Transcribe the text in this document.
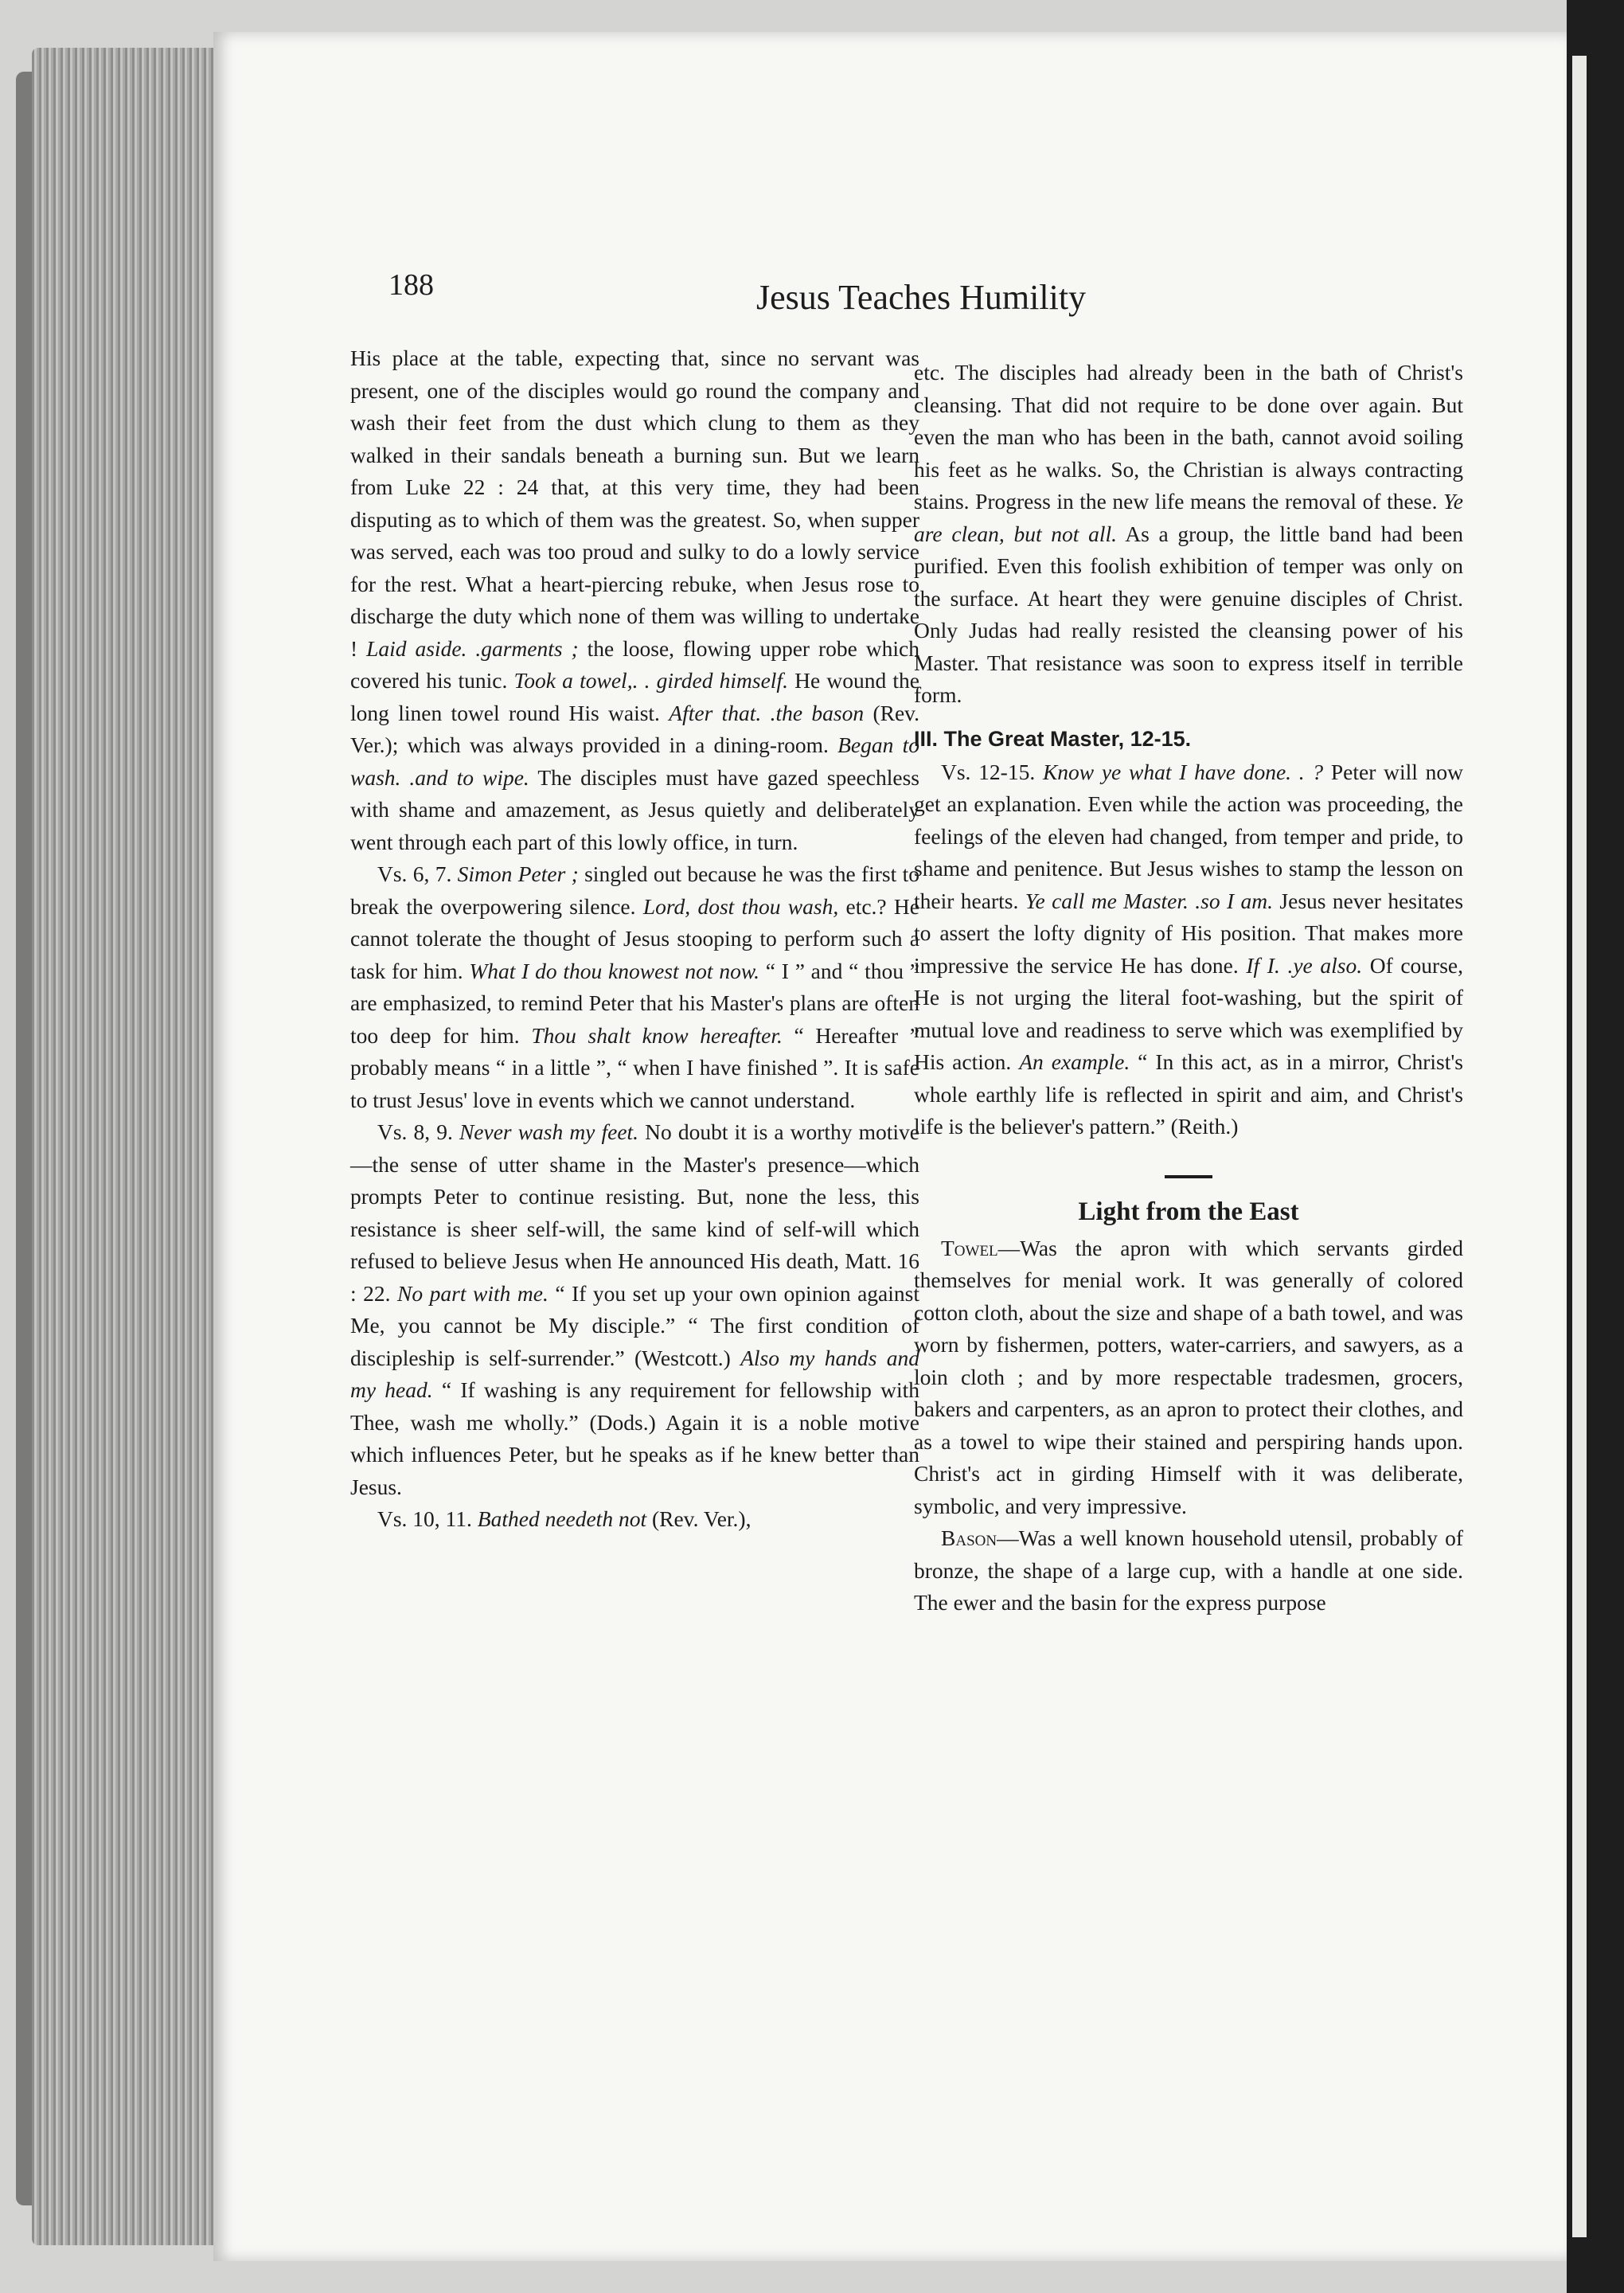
188	Jesus Teaches Humility

His place at the table, expecting that, since no servant was present, one of the disciples would go round the company and wash their feet from the dust which clung to them as they walked in their sandals beneath a burning sun. But we learn from Luke 22 : 24 that, at this very time, they had been disputing as to which of them was the greatest. So, when supper was served, each was too proud and sulky to do a lowly service for the rest. What a heart-piercing rebuke, when Jesus rose to discharge the duty which none of them was willing to undertake ! Laid aside. .garments ; the loose, flowing upper robe which covered his tunic. Took a towel,. . girded himself. He wound the long linen towel round His waist. After that. .the bason (Rev. Ver.); which was always provided in a dining-room. Began to wash. .and to wipe. The disciples must have gazed speechless with shame and amazement, as Jesus quietly and deliberately went through each part of this lowly office, in turn.

Vs. 6, 7. Simon Peter ; singled out because he was the first to break the overpowering silence. Lord, dost thou wash, etc.? He cannot tolerate the thought of Jesus stooping to perform such a task for him. What I do thou knowest not now. “ I ” and “ thou ” are emphasized, to remind Peter that his Master's plans are often too deep for him. Thou shalt know hereafter. “ Hereafter ” probably means “ in a little ”, “ when I have finished ”. It is safe to trust Jesus' love in events which we cannot understand.

Vs. 8, 9. Never wash my feet. No doubt it is a worthy motive—the sense of utter shame in the Master's presence—which prompts Peter to continue resisting. But, none the less, this resistance is sheer self-will, the same kind of self-will which refused to believe Jesus when He announced His death, Matt. 16 : 22. No part with me. “ If you set up your own opinion against Me, you cannot be My disciple.” “ The first condition of discipleship is self-surrender.” (Westcott.) Also my hands and my head. “ If washing is any requirement for fellowship with Thee, wash me wholly.” (Dods.) Again it is a noble motive which influences Peter, but he speaks as if he knew better than Jesus.

Vs. 10, 11. Bathed needeth not (Rev. Ver.),

etc. The disciples had already been in the bath of Christ's cleansing. That did not require to be done over again. But even the man who has been in the bath, cannot avoid soiling his feet as he walks. So, the Christian is always contracting stains. Progress in the new life means the removal of these. Ye are clean, but not all. As a group, the little band had been purified. Even this foolish exhibition of temper was only on the surface. At heart they were genuine disciples of Christ. Only Judas had really resisted the cleansing power of his Master. That resistance was soon to express itself in terrible form.

III. The Great Master, 12-15.

Vs. 12-15. Know ye what I have done. . ? Peter will now get an explanation. Even while the action was proceeding, the feelings of the eleven had changed, from temper and pride, to shame and penitence. But Jesus wishes to stamp the lesson on their hearts. Ye call me Master. .so I am. Jesus never hesitates to assert the lofty dignity of His position. That makes more impressive the service He has done. If I. .ye also. Of course, He is not urging the literal foot-washing, but the spirit of mutual love and readiness to serve which was exemplified by His action. An example. “ In this act, as in a mirror, Christ's whole earthly life is reflected in spirit and aim, and Christ's life is the believer's pattern.” (Reith.)

Light from the East

Towel—Was the apron with which servants girded themselves for menial work. It was generally of colored cotton cloth, about the size and shape of a bath towel, and was worn by fishermen, potters, water-carriers, and sawyers, as a loin cloth ; and by more respectable tradesmen, grocers, bakers and carpenters, as an apron to protect their clothes, and as a towel to wipe their stained and perspiring hands upon. Christ's act in girding Himself with it was deliberate, symbolic, and very impressive.

Bason—Was a well known household utensil, probably of bronze, the shape of a large cup, with a handle at one side. The ewer and the basin for the express purpose
